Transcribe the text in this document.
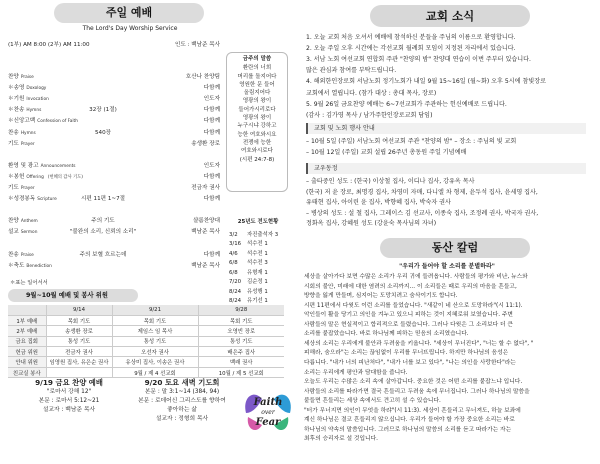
주일 예배
The Lord's Day Worship Service
(1부) AM 8:00 (2부) AM 11:00	인도 : 백남준 목사
찬양 Praise	호산나 찬양팀
＊송영 Doxology	다함께
＊기원 Invocation	인도자
＊찬송 Hymns	32장 (1절)	다함께
＊신앙고백 Confession of Faith	다함께
찬송 Hymns	540장	다함께
기도 Prayer	송생환 장로
환영 및 광고 Announcements	인도자
＊봉헌 Offering (헌혜의 감사 기도)	다함께
기도 Prayer	전금자 권사
＊성경봉독 Scripture	시편 11편 1~7절	다함께
찬양 Anthem	주의 기도	샬롬찬양대
설교 Sermon	"불완의 소리, 신뢰의 소리"	백남준 목사
찬송 Praise	주의 보혈 흐르는데	다함께
＊축도 Benediction	백남준 목사
＊표는 일어서서
9월~10월 예배 및 봉사 위원
	9/14	9/21	9/28
1부 예배	목회 기도	목회 기도	목회 기도
2부 예배	송생환 장로	제임스 임 목사	오영빈 장로
금요 집회	통성 기도	통성 기도	통성 기도
헌금 위원	전금자 권사	오선자 권사	배은주 집사
안내 위원	임영원 집사, 유은순 권사	유상미 집사, 이송은 권사	백래 권사
친교실 봉사		9월 / 제 4 선교회	10월 / 제 5 선교회
9/19 금요 찬양 예배
"로마서 강해 12"
본문 : 로마서 5:12~21
설교자 : 백남준 목사
9/20 토요 새벽 기도회
본문 : 말 3:1~14 (384, 94)
본문 : 로데어신 그리스도를 향하여
좋아하는 삶
설교자 : 정형희 목사
Faith
over
Fear
금주의 말씀
환란의 너희
머리를 돌지어다
영원한 문 들어
올림지어다
영광의 왕이
들어가시리로다
영광의 왕이
누구시냐 강하고
능한 여호와시요
전쟁에 능한
여호와시로다
(시편 24:7-8)
25년도 전도현황
3/2 자진출석자 3
3/16 석수전 1
4/6 석수전 1
6/8 석수전 3
6/8 유형재 1
7/20 김순정 1
8/24 유성행 1
8/24 유기선 1
교회 소식
1. 오늘 교회 처음 오셔서 예배에 참석하신 분들을 주님의 이름으로 환영합니다.
2. 오늘 주일 오후 시간에는 각선교회 월례회 모임이 지정된 자리에서 있습니다.
3. 서남 노회 여선교회 연합회 주관 "찬양의 밤" 찬양대 연습이 이번 주부터 있습니다.
많은 관심과 참여를 부탁드립니다.
4. 해외한인장로회 서남노회 정기노회가 내일 9월 15~16일 (월~화) 오후 5시에 참빛장로
교회에서 열립니다. (참가 대상 : 총대 목사, 장로)
5. 9월 26일 금요찬양 예배는 6~7선교회가 주관하는 헌신예배로 드립니다.
(감사 : 김가영 목사 / 남가주한인장로교회 담임)
교회 및 노회 행사 안내
– 10월 5일 (주일) 서남노회 여선교회 주관 "찬양의 밤" – 장소 : 주님의 빛 교회
– 10월 12일 (주일) 교회 설립 26주년 총동원 주일 기념예배
교우동정
– 출타중인 성도 : (한국) 이상철 집사, 이디나 집사, 강유옥 목사
(한국) 저 윤 장로, 최명경 집사, 차영미 자매, 다니엘 차 형제, 윤두석 집사, 윤세영 집사,
유태현 집사, 아이린 윤 집사, 박향혜 집사, 박숙자 권사
– 병상의 성도 : 설 철 집사, 그레이스 김 선교사, 이종숙 집사, 조정례 권사, 박국자 권사,
정화옥 집사, 강혜원 성도 (강윤숙 목사님의 자녀)
동산 칼럼
"우리가 들어야 할 소리를 분별하라"
세상을 살아가다 보면 수많은 소리가 우리 귀에 들려옵니다. 사람들의 평가와 비난, 뉴스와
시회의 불안, 미래에 대한 염려의 소리까지… 이 소리들은 때로 우리의 마음을 흔들고,
방향을 잃게 만들며, 심지어는 도망치려고 숨삭이기도 합니다.
시편 11편에서 다윗도 이런 소리를 들었습니다. "새같이 네 산으로 도망하라"(시 11:1).
악인들이 활을 당기고 의인을 겨누고 있으니 피하는 것이 지혜로워 보였습니다. 주변
사람들의 말은 현실적이고 합리적으로 들렸습니다. 그러나 다윗은 그 소리보다 더 큰
소리를 붙잡았습니다. 바로 하나님께 피하는 믿음의 소리였습니다.
세상의 소리는 우리에게 불안과 두려움을 키웁니다. "세상이 무너진다", "너는 할 수 없다", "
피해라, 숨으라"는 소리는 끊임없이 우리를 무너뜨립니다. 하지만 하나님의 음성은
다릅니다. "내가 너의 피난처다", "내가 너를 보고 있다", "나는 의인을 사랑한다"라는
소리는 우리에게 평안과 담대함을 줍니다.
오늘도 우리는 수많은 소리 속에 살아갑니다. 중요한 것은 어떤 소리를 붙잡느냐 입니다.
사람들의 소리를 따라가면 결국 흔들리고 두려움 속에 무너집니다. 그러나 하나님의 말씀을
붙들면 흔들리는 세상 속에서도 견고히 설 수 있습니다.
"터가 무너지면 의인이 무엇을 하랴"(시 11:3). 세상이 흔들리고 무너져도, 하늘 보좌에
계신 하나님은 결코 흔들리지 않으십니다. 우리가 들어야 할 가장 중요한 소리는 바로
하나님의 약속의 말씀입니다. 그러므로 하나님의 말씀의 소리를 듣고 따라가는 자는
최후의 승리자로 설 것입니다.
